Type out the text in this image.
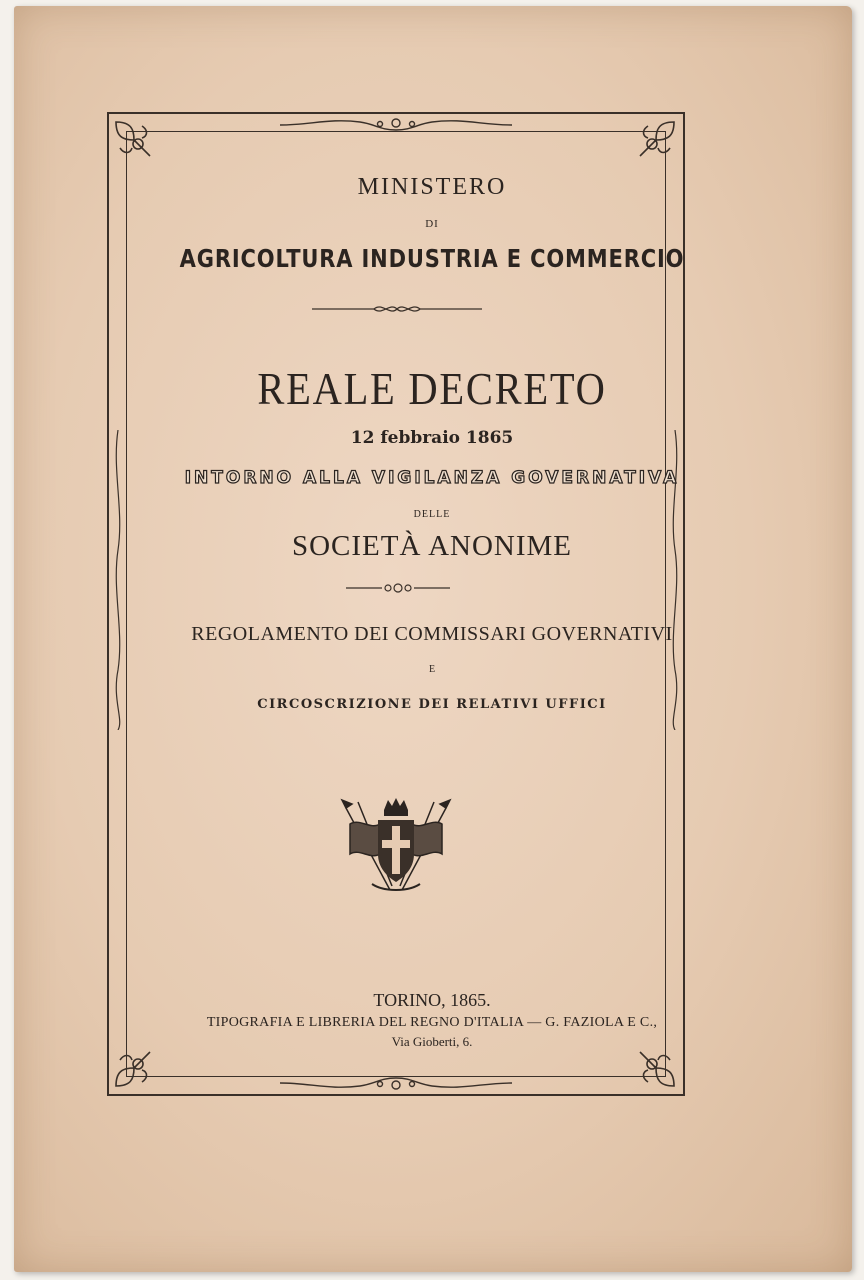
MINISTERO
DI
AGRICOLTURA INDUSTRIA E COMMERCIO
REALE DECRETO
12 febbraio 1865
INTORNO ALLA VIGILANZA GOVERNATIVA
DELLE
SOCIETÀ ANONIME
REGOLAMENTO DEI COMMISSARI GOVERNATIVI
E
CIRCOSCRIZIONE DEI RELATIVI UFFICI
TORINO, 1865.
TIPOGRAFIA E LIBRERIA DEL REGNO D'ITALIA — G. FAZIOLA E C.,
Via Gioberti, 6.
